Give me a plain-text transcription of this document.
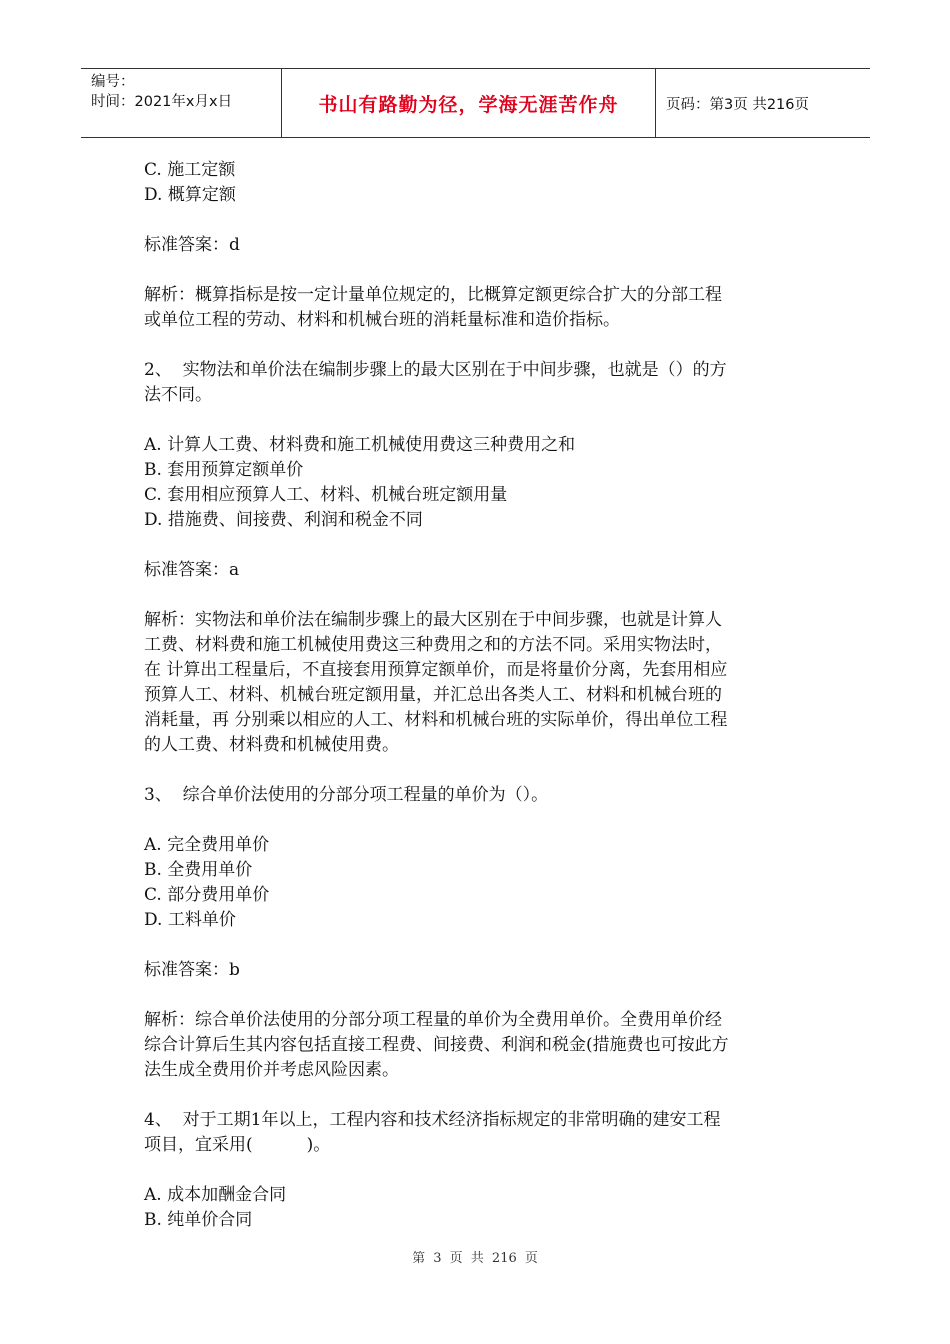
编号：
时间：2021年x月x日	书山有路勤为径，学海无涯苦作舟	页码：第3页 共216页

C. 施工定额

D. 概算定额

标准答案：d

解析：概算指标是按一定计量单位规定的，比概算定额更综合扩大的分部工程

或单位工程的劳动、材料和机械台班的消耗量标准和造价指标。

2、  实物法和单价法在编制步骤上的最大区别在于中间步骤，也就是（）的方

法不同。

A. 计算人工费、材料费和施工机械使用费这三种费用之和

B. 套用预算定额单价

C. 套用相应预算人工、材料、机械台班定额用量

D. 措施费、间接费、利润和税金不同

标准答案：a

解析：实物法和单价法在编制步骤上的最大区别在于中间步骤，也就是计算人

工费、材料费和施工机械使用费这三种费用之和的方法不同。采用实物法时，

在 计算出工程量后，不直接套用预算定额单价，而是将量价分离，先套用相应

预算人工、材料、机械台班定额用量，并汇总出各类人工、材料和机械台班的

消耗量，再 分别乘以相应的人工、材料和机械台班的实际单价，得出单位工程

的人工费、材料费和机械使用费。

3、  综合单价法使用的分部分项工程量的单价为（）。

A. 完全费用单价

B. 全费用单价

C. 部分费用单价

D. 工料单价

标准答案：b

解析：综合单价法使用的分部分项工程量的单价为全费用单价。全费用单价经

综合计算后生其内容包括直接工程费、间接费、利润和税金(措施费也可按此方

法生成全费用价并考虑风险因素。

4、  对于工期1年以上，工程内容和技术经济指标规定的非常明确的建安工程

项目，宜采用(          )。

A. 成本加酬金合同

B. 纯单价合同

第 3 页 共 216 页
